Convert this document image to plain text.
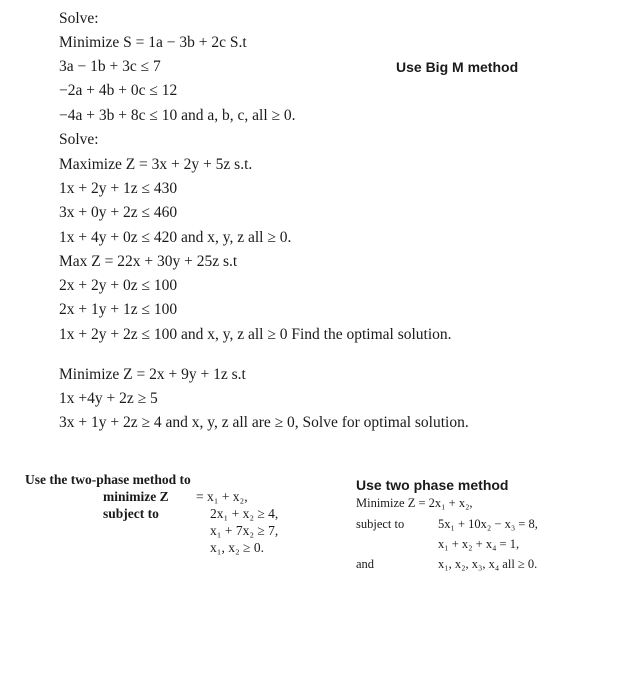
Solve:
Minimize S = 1a − 3b + 2c S.t
3a − 1b + 3c ≤ 7
−2a + 4b + 0c ≤ 12
−4a + 3b + 8c ≤ 10 and a, b, c, all ≥ 0.
Use Big M method
Solve:
Maximize Z = 3x + 2y + 5z s.t.
1x + 2y + 1z ≤ 430
3x + 0y + 2z ≤ 460
1x + 4y + 0z ≤ 420 and x, y, z all ≥ 0.
Max Z = 22x + 30y + 25z s.t
2x + 2y + 0z ≤ 100
2x + 1y + 1z ≤ 100
1x + 2y + 2z ≤ 100 and x, y, z all ≥ 0 Find the optimal solution.
Minimize Z = 2x + 9y + 1z s.t
1x +4y + 2z ≥ 5
3x + 1y + 2z ≥ 4 and x, y, z all are ≥ 0, Solve for optimal solution.
Use the two-phase method to
minimize Z = x₁ + x₂,
subject to	2x₁ + x₂ ≥ 4,
x₁ + 7x₂ ≥ 7,
x₁, x₂ ≥ 0.
Use two phase method
Minimize Z = 2x₁ + x₂,
subject to	5x₁ + 10x₂ − x₃ = 8,
x₁ + x₂ + x₄ = 1,
and	x₁, x₂, x₃, x₄ all ≥ 0.
